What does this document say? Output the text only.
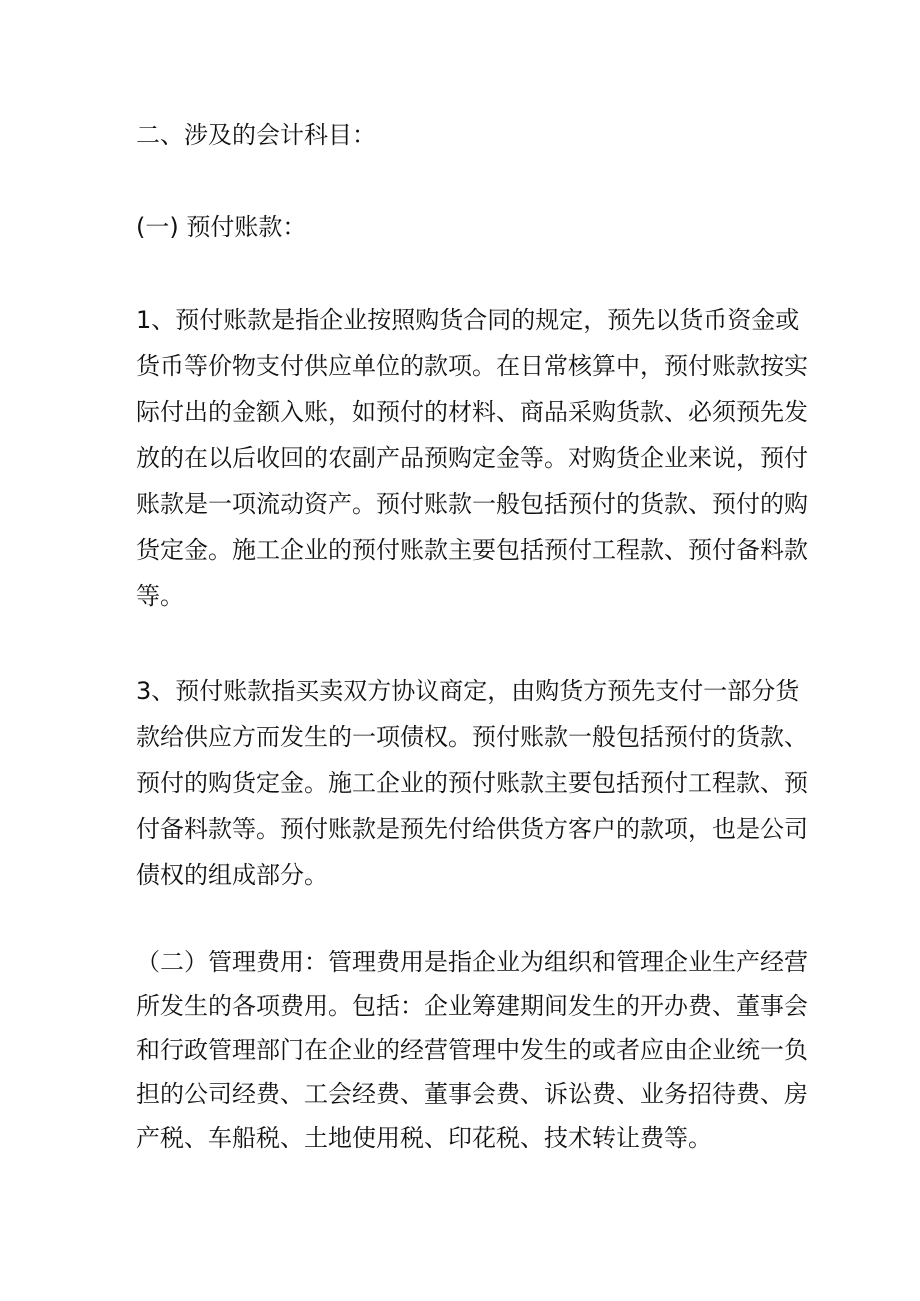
二、涉及的会计科目：

(一) 预付账款：

1、预付账款是指企业按照购货合同的规定，预先以货币资金或
货币等价物支付供应单位的款项。在日常核算中，预付账款按实
际付出的金额入账，如预付的材料、商品采购货款、必须预先发
放的在以后收回的农副产品预购定金等。对购货企业来说，预付
账款是一项流动资产。预付账款一般包括预付的货款、预付的购
货定金。施工企业的预付账款主要包括预付工程款、预付备料款
等。
3、预付账款指买卖双方协议商定，由购货方预先支付一部分货
款给供应方而发生的一项债权。预付账款一般包括预付的货款、
预付的购货定金。施工企业的预付账款主要包括预付工程款、预
付备料款等。预付账款是预先付给供货方客户的款项，也是公司
债权的组成部分。
（二）管理费用：管理费用是指企业为组织和管理企业生产经营
所发生的各项费用。包括：企业筹建期间发生的开办费、董事会
和行政管理部门在企业的经营管理中发生的或者应由企业统一负
担的公司经费、工会经费、董事会费、诉讼费、业务招待费、房
产税、车船税、土地使用税、印花税、技术转让费等。
